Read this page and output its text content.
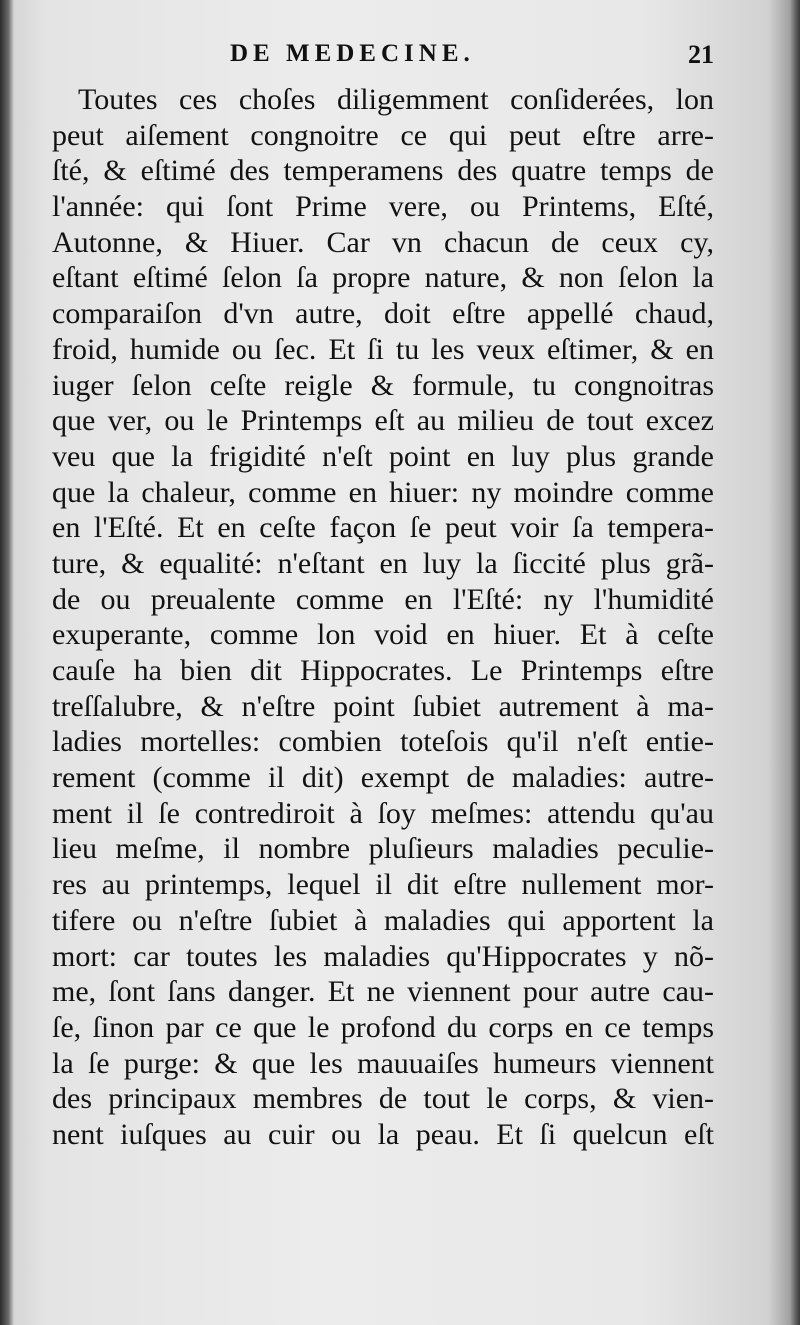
DE MEDECINE.	21
Toutes ces choſes diligemment conſiderées, lon
peut aiſement congnoitre ce qui peut eſtre arre-
ſté, & eſtimé des temperamens des quatre temps de
l'année: qui ſont Prime vere, ou Printems, Eſté,
Autonne, & Hiuer. Car vn chacun de ceux cy,
eſtant eſtimé ſelon ſa propre nature, & non ſelon la
comparaiſon d'vn autre, doit eſtre appellé chaud,
froid, humide ou ſec. Et ſi tu les veux eſtimer, & en
iuger ſelon ceſte reigle & formule, tu congnoitras
que ver, ou le Printemps eſt au milieu de tout excez
veu que la frigidité n'eſt point en luy plus grande
que la chaleur, comme en hiuer: ny moindre comme
en l'Eſté. Et en ceſte façon ſe peut voir ſa tempera-
ture, & equalité: n'eſtant en luy la ſiccité plus grã-
de ou preualente comme en l'Eſté: ny l'humidité
exuperante, comme lon void en hiuer. Et à ceſte
cauſe ha bien dit Hippocrates. Le Printemps eſtre
treſſalubre, & n'eſtre point ſubiet autrement à ma-
ladies mortelles: combien toteſois qu'il n'eſt entie-
rement (comme il dit) exempt de maladies: autre-
ment il ſe contrediroit à ſoy meſmes: attendu qu'au
lieu meſme, il nombre pluſieurs maladies peculie-
res au printemps, lequel il dit eſtre nullement mor-
tifere ou n'eſtre ſubiet à maladies qui apportent la
mort: car toutes les maladies qu'Hippocrates y nõ-
me, ſont ſans danger. Et ne viennent pour autre cau-
ſe, ſinon par ce que le profond du corps en ce temps
la ſe purge: & que les mauuaiſes humeurs viennent
des principaux membres de tout le corps, & vien-
nent iuſques au cuir ou la peau. Et ſi quelcun eſt
